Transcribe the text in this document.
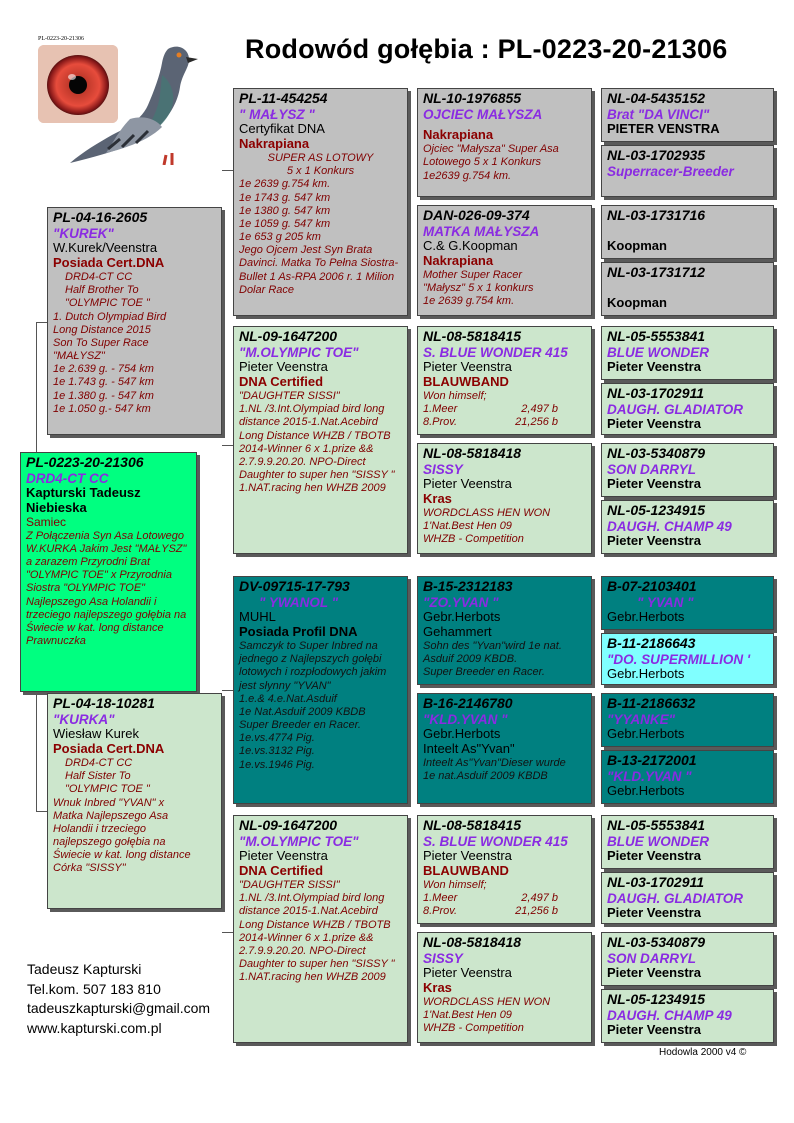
Rodowód gołębia : PL-0223-20-21306
PL-0223-20-21306
PL-0223-20-21306
DRD4-CT CC
Kapturski Tadeusz
Niebieska
Samiec
Z Połączenia Syn Asa Lotowego W.KURKA Jakim Jest "MAŁYSZ" a zarazem Przyrodni Brat "OLYMPIC TOE" x Przyrodnia Siostra "OLYMPIC TOE" Najlepszego Asa Holandii i trzeciego najlepszego gołębia na Świecie w kat. long distance Prawnuczka
PL-04-16-2605
"KUREK"
W.Kurek/Veenstra
Posiada Cert.DNA
DRD4-CT CC
Half Brother To
"OLYMPIC TOE "
1. Dutch Olympiad Bird
Long Distance 2015
Son To Super Race
"MAŁYSZ"
1e 2.639 g. - 754 km
1e 1.743 g. - 547 km
1e 1.380 g. - 547 km
1e 1.050 g.- 547 km
PL-04-18-10281
"KURKA"
Wiesław Kurek
Posiada Cert.DNA
DRD4-CT CC
Half Sister To
"OLYMPIC TOE "
Wnuk Inbred "YVAN" x
Matka Najlepszego Asa
Holandii i trzeciego
najlepszego gołębia na
Świecie w kat. long distance
Córka "SISSY"
PL-11-454254
" MAŁYSZ "
Certyfikat DNA
Nakrapiana
SUPER AS LOTOWY
5 x 1 Konkurs
1e 2639 g.754 km.
1e 1743 g. 547 km
1e 1380 g. 547 km
1e 1059 g. 547 km
1e 653 g 205 km
Jego Ojcem Jest Syn Brata Davinci. Matka To Pełna Siostra-Bullet 1 As-RPA 2006 r. 1 Milion Dolar Race
NL-09-1647200
"M.OLYMPIC TOE"
Pieter Veenstra
DNA Certified
"DAUGHTER SISSI"
1.NL /3.Int.Olympiad bird long
distance 2015-1.Nat.Acebird Long Distance WHZB / TBOTB 2014-Winner 6 x 1.prize && 2.7.9.9.20.20. NPO-Direct Daughter to super hen "SISSY "
1.NAT.racing hen WHZB 2009
DV-09715-17-793
" YWANOL "
MUHL
Posiada Profil DNA
Samczyk to Super Inbred na jednego z Najlepszych gołębi lotowych i rozpłodowych jakim jest słynny "YVAN"
1.e.& 4.e.Nat.Asduif
1e Nat.Asduif 2009 KBDB
Super Breeder en Racer.
1e.vs.4774 Pig.
1e.vs.3132 Pig.
1e.vs.1946 Pig.
NL-09-1647200
"M.OLYMPIC TOE"
Pieter Veenstra
DNA Certified
"DAUGHTER SISSI"
1.NL /3.Int.Olympiad bird long
distance 2015-1.Nat.Acebird Long Distance WHZB / TBOTB 2014-Winner 6 x 1.prize && 2.7.9.9.20.20. NPO-Direct Daughter to super hen "SISSY "
1.NAT.racing hen WHZB 2009
NL-10-1976855
OJCIEC MAŁYSZA
Nakrapiana
Ojciec "Małysza" Super Asa Lotowego 5 x 1 Konkurs
1e2639 g.754 km.
DAN-026-09-374
MATKA MAŁYSZA
C.& G.Koopman
Nakrapiana
Mother Super Racer
"Małysz" 5 x 1 konkurs
1e 2639 g.754 km.
NL-08-5818415
S. BLUE WONDER 415
Pieter Veenstra
BLAUWBAND
Won himself;
1.Meer	2,497 b
8.Prov.	21,256 b
NL-08-5818418
SISSY
Pieter Veenstra
Kras
WORDCLASS HEN WON
1'Nat.Best Hen 09
WHZB - Competition
B-15-2312183
"ZO.YVAN "
Gebr.Herbots
Gehammert
Sohn des "Yvan"wird 1e nat. Asduif 2009 KBDB.
Super Breeder en Racer.
B-16-2146780
"KLD.YVAN "
Gebr.Herbots
Inteelt As"Yvan"
Inteelt As"Yvan"Dieser wurde
1e nat.Asduif 2009 KBDB
NL-08-5818415
S. BLUE WONDER 415
Pieter Veenstra
BLAUWBAND
Won himself;
1.Meer	2,497 b
8.Prov.	21,256 b
NL-08-5818418
SISSY
Pieter Veenstra
Kras
WORDCLASS HEN WON
1'Nat.Best Hen 09
WHZB - Competition
NL-04-5435152
Brat "DA VINCI"
PIETER VENSTRA
NL-03-1702935
Superracer-Breeder
NL-03-1731716
Koopman
NL-03-1731712
Koopman
NL-05-5553841
BLUE WONDER
Pieter Veenstra
NL-03-1702911
DAUGH. GLADIATOR
Pieter Veenstra
NL-03-5340879
SON DARRYL
Pieter Veenstra
NL-05-1234915
DAUGH. CHAMP 49
Pieter Veenstra
B-07-2103401
" YVAN "
Gebr.Herbots
B-11-2186643
"DO. SUPERMILLION '
Gebr.Herbots
B-11-2186632
"YYANKE"
Gebr.Herbots
B-13-2172001
"KLD.YVAN "
Gebr.Herbots
NL-05-5553841
BLUE WONDER
Pieter Veenstra
NL-03-1702911
DAUGH. GLADIATOR
Pieter Veenstra
NL-03-5340879
SON DARRYL
Pieter Veenstra
NL-05-1234915
DAUGH. CHAMP 49
Pieter Veenstra
Tadeusz Kapturski
Tel.kom. 507 183 810
tadeuszkapturski@gmail.com
www.kapturski.com.pl
Hodowla 2000 v4 ©
